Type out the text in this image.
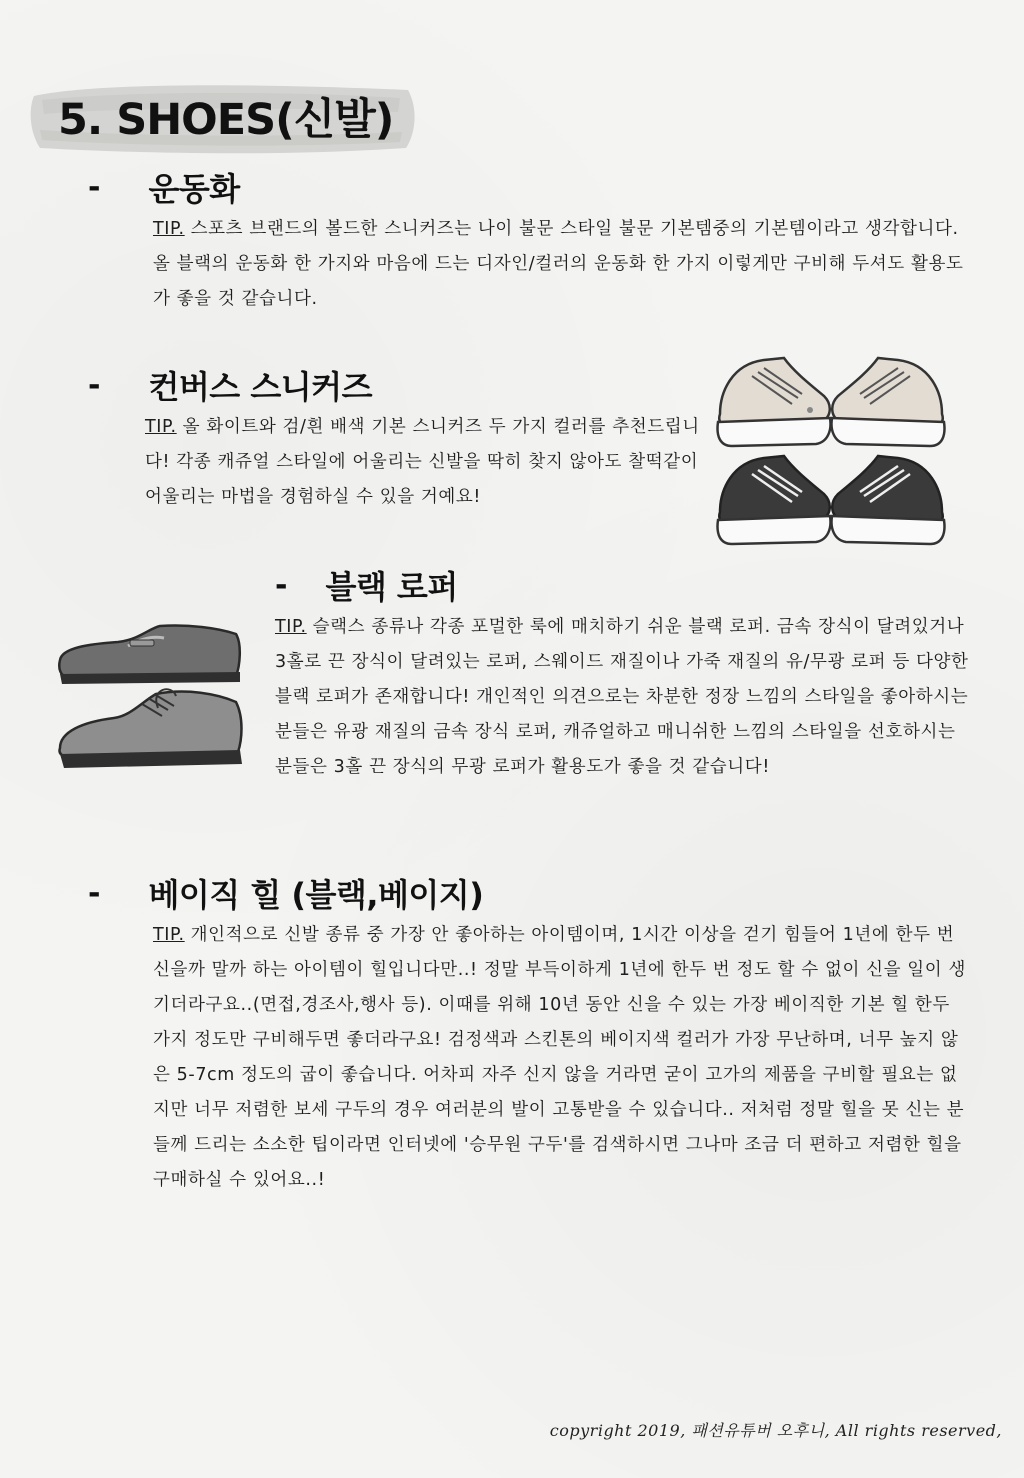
5. SHOES(신발)
- 운동화
TIP. 스포츠 브랜드의 볼드한 스니커즈는 나이 불문 스타일 불문 기본템중의 기본템이라고 생각합니다. 올 블랙의 운동화 한 가지와 마음에 드는 디자인/컬러의 운동화 한 가지 이렇게만 구비해 두셔도 활용도가 좋을 것 같습니다.
- 컨버스 스니커즈
TIP. 올 화이트와 검/흰 배색 기본 스니커즈 두 가지 컬러를 추천드립니다! 각종 캐쥬얼 스타일에 어울리는 신발을 딱히 찾지 않아도 찰떡같이 어울리는 마법을 경험하실 수 있을 거예요!
- 블랙 로퍼
TIP. 슬랙스 종류나 각종 포멀한 룩에 매치하기 쉬운 블랙 로퍼. 금속 장식이 달려있거나 3홀로 끈 장식이 달려있는 로퍼, 스웨이드 재질이나 가죽 재질의 유/무광 로퍼 등 다양한 블랙 로퍼가 존재합니다! 개인적인 의견으로는 차분한 정장 느낌의 스타일을 좋아하시는 분들은 유광 재질의 금속 장식 로퍼, 캐쥬얼하고 매니쉬한 느낌의 스타일을 선호하시는 분들은 3홀 끈 장식의 무광 로퍼가 활용도가 좋을 것 같습니다!
- 베이직 힐 (블랙,베이지)
TIP. 개인적으로 신발 종류 중 가장 안 좋아하는 아이템이며, 1시간 이상을 걷기 힘들어 1년에 한두 번 신을까 말까 하는 아이템이 힐입니다만..! 정말 부득이하게 1년에 한두 번 정도 할 수 없이 신을 일이 생기더라구요..(면접,경조사,행사 등). 이때를 위해 10년 동안 신을 수 있는 가장 베이직한 기본 힐 한두 가지 정도만 구비해두면 좋더라구요! 검정색과 스킨톤의 베이지색 컬러가 가장 무난하며, 너무 높지 않은 5-7cm 정도의 굽이 좋습니다. 어차피 자주 신지 않을 거라면 굳이 고가의 제품을 구비할 필요는 없지만 너무 저렴한 보세 구두의 경우 여러분의 발이 고통받을 수 있습니다.. 저처럼 정말 힐을 못 신는 분들께 드리는 소소한 팁이라면 인터넷에 '승무원 구두'를 검색하시면 그나마 조금 더 편하고 저렴한 힐을 구매하실 수 있어요..!
copyright 2019, 패션유튜버 오후니, All rights reserved,
